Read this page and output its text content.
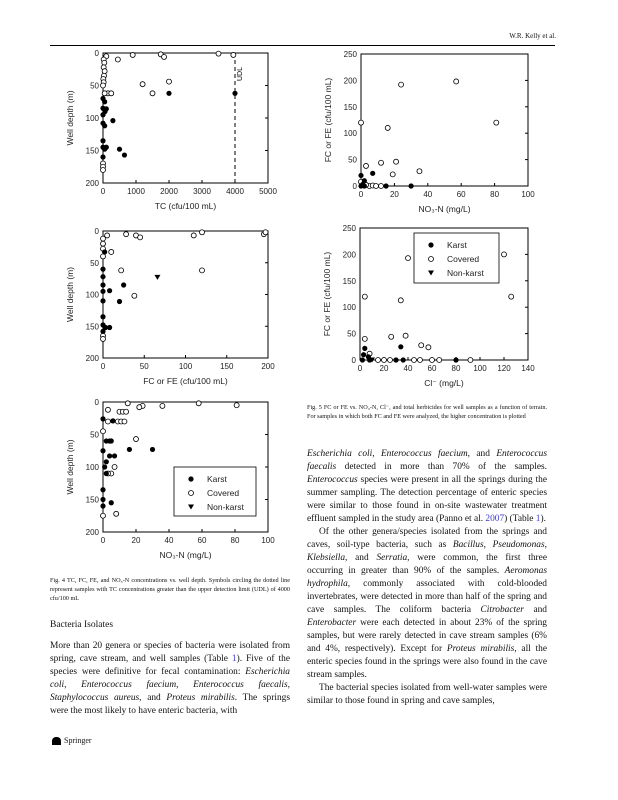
W.R. Kelly et al.
0	1000 2000 3000 4000 5000
0
50
100
150
200
TC (cfu/100 mL)
Well depth (m)
UDL
0	20	40	60	80	100
0
50
100
150
200
250
NO₃-N (mg/L)
FC or FE (cfu/100 mL)
0	50	100	150	200
0
50
100
150
200
FC or FE (cfu/100 mL)
Well depth (m)
0 20 40 60 80 100 120 140
0
50
100
150
200
250
Cl⁻ (mg/L)
FC or FE (cfu/100 mL)
Karst
Covered
Non-karst
0	20	40	60	80	100
0
50
100
150
200
NO₃-N (mg/L)
Well depth (m)	Karst
Covered
Non-karst
Fig. 4 TC, FC, FE, and NO₃-N concentrations vs. well depth. Symbols circling the dotted line represent samples with TC concentrations greater than the upper detection limit (UDL) of 4000 cfu/100 mL
Fig. 5 FC or FE vs. NO₃-N, Cl⁻, and total herbicides for well samples as a function of terrain. For samples in which both FC and FE were analyzed, the higher concentration is plotted
Bacteria Isolates

More than 20 genera or species of bacteria were isolated from spring, cave stream, and well samples (Table 1). Five of the species were definitive for fecal contamination: Escherichia coli, Enterococcus faecium, Enterococcus faecalis, Staphylococcus aureus, and Proteus mirabilis. The springs were the most likely to have enteric bacteria, with

Escherichia coli, Enterococcus faecium, and Enterococcus faecalis detected in more than 70% of the samples. Enterococcus species were present in all the springs during the summer sampling. The detection percentage of enteric species were similar to those found in on-site wastewater treatment effluent sampled in the study area (Panno et al. 2007) (Table 1).

Of the other genera/species isolated from the springs and caves, soil-type bacteria, such as Bacillus, Pseudomonas, Klebsiella, and Serratia, were common, the first three occurring in greater than 90% of the samples. Aeromonas hydrophila, commonly associated with cold-blooded invertebrates, were detected in more than half of the spring and cave samples. The coliform bacteria Citrobacter and Enterobacter were each detected in about 23% of the spring samples, but were rarely detected in cave stream samples (6% and 4%, respectively). Except for Proteus mirabilis, all the enteric species found in the springs were also found in the cave stream samples.

The bacterial species isolated from well-water samples were similar to those found in spring and cave samples,

Springer
